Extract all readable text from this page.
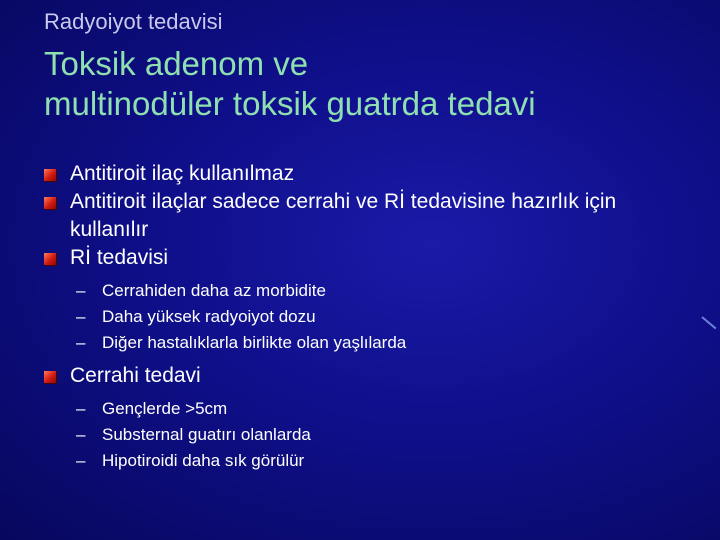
Radyoiyot tedavisi
Toksik adenom ve
multinodüler toksik guatrda tedavi
Antitiroit ilaç kullanılmaz
Antitiroit ilaçlar sadece cerrahi ve Rİ tedavisine hazırlık için kullanılır
Rİ tedavisi
– Cerrahiden daha az morbidite
– Daha yüksek radyoiyot dozu
– Diğer hastalıklarla birlikte olan yaşlılarda
Cerrahi tedavi
– Gençlerde >5cm
– Substernal guatırı olanlarda
– Hipotiroidi daha sık görülür
